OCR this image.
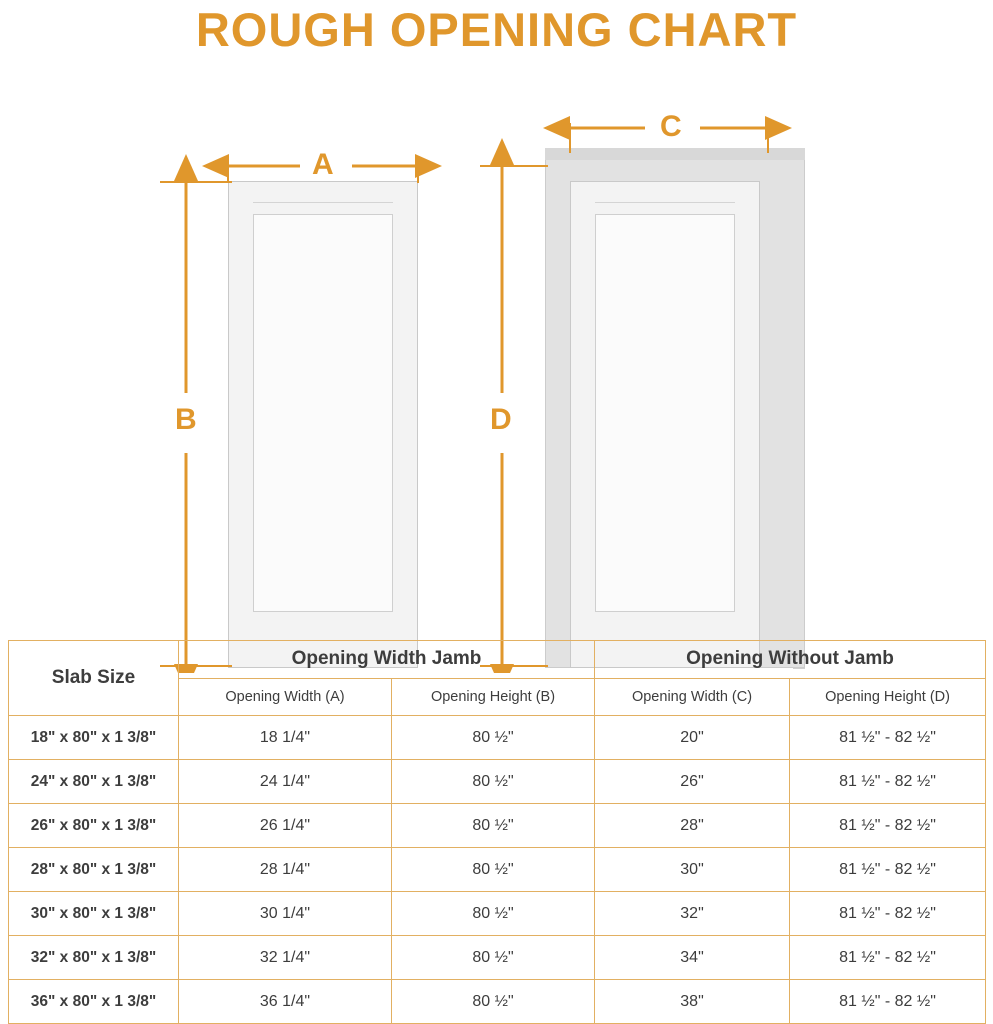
ROUGH OPENING CHART
A
B
C
D
Slab Size	Opening Width Jamb		Opening Without Jamb	
	Opening Width (A)	Opening Height (B)	Opening Width (C)	Opening Height (D)
18" x 80" x 1 3/8"	18 1/4"	80 ½"	20"	81 ½" - 82 ½"
24" x 80" x 1 3/8"	24 1/4"	80 ½"	26"	81 ½" - 82 ½"
26" x 80" x 1 3/8"	26 1/4"	80 ½"	28"	81 ½" - 82 ½"
28" x 80" x 1 3/8"	28 1/4"	80 ½"	30"	81 ½" - 82 ½"
30" x 80" x 1 3/8"	30 1/4"	80 ½"	32"	81 ½" - 82 ½"
32" x 80" x 1 3/8"	32 1/4"	80 ½"	34"	81 ½" - 82 ½"
36" x 80" x 1 3/8"	36 1/4"	80 ½"	38"	81 ½" - 82 ½"
